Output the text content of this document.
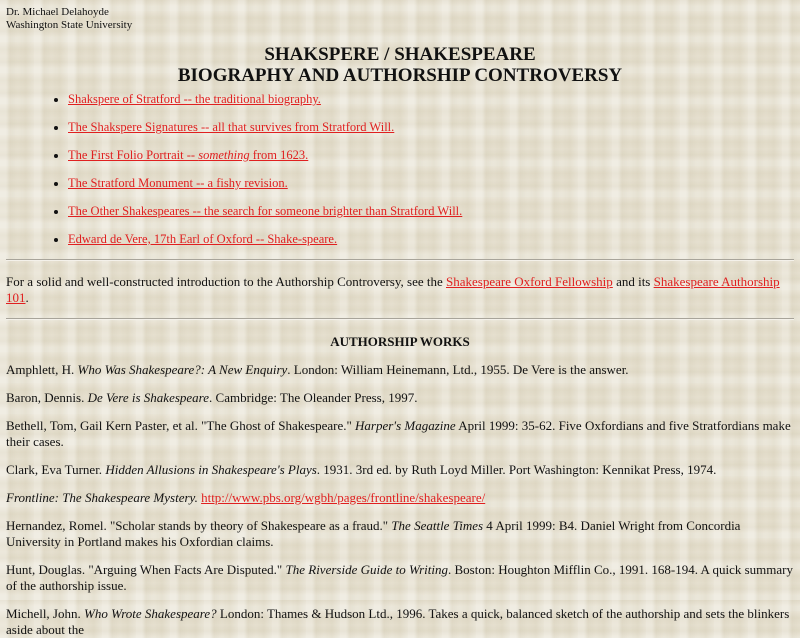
Dr. Michael Delahoyde
Washington State University
SHAKSPERE / SHAKESPEARE
BIOGRAPHY AND AUTHORSHIP CONTROVERSY
• Shakspere of Stratford -- the traditional biography.
• The Shakspere Signatures -- all that survives from Stratford Will.
• The First Folio Portrait -- something from 1623.
• The Stratford Monument -- a fishy revision.
• The Other Shakespeares -- the search for someone brighter than Stratford Will.
• Edward de Vere, 17th Earl of Oxford -- Shake-speare.

For a solid and well-constructed introduction to the Authorship Controversy, see the Shakespeare Oxford Fellowship and its Shakespeare Authorship 101.

AUTHORSHIP WORKS

Amphlett, H. Who Was Shakespeare?: A New Enquiry. London: William Heinemann, Ltd., 1955. De Vere is the answer.

Baron, Dennis. De Vere is Shakespeare. Cambridge: The Oleander Press, 1997.

Bethell, Tom, Gail Kern Paster, et al. "The Ghost of Shakespeare." Harper's Magazine April 1999: 35-62. Five Oxfordians and five Stratfordians make their cases.

Clark, Eva Turner. Hidden Allusions in Shakespeare's Plays. 1931. 3rd ed. by Ruth Loyd Miller. Port Washington: Kennikat Press, 1974.

Frontline: The Shakespeare Mystery. http://www.pbs.org/wgbh/pages/frontline/shakespeare/

Hernandez, Romel. "Scholar stands by theory of Shakespeare as a fraud." The Seattle Times 4 April 1999: B4. Daniel Wright from Concordia University in Portland makes his Oxfordian claims.

Hunt, Douglas. "Arguing When Facts Are Disputed." The Riverside Guide to Writing. Boston: Houghton Mifflin Co., 1991. 168-194. A quick summary of the authorship issue.

Michell, John. Who Wrote Shakespeare? London: Thames & Hudson Ltd., 1996. Takes a quick, balanced sketch of the authorship and sets the blinkers aside about the
